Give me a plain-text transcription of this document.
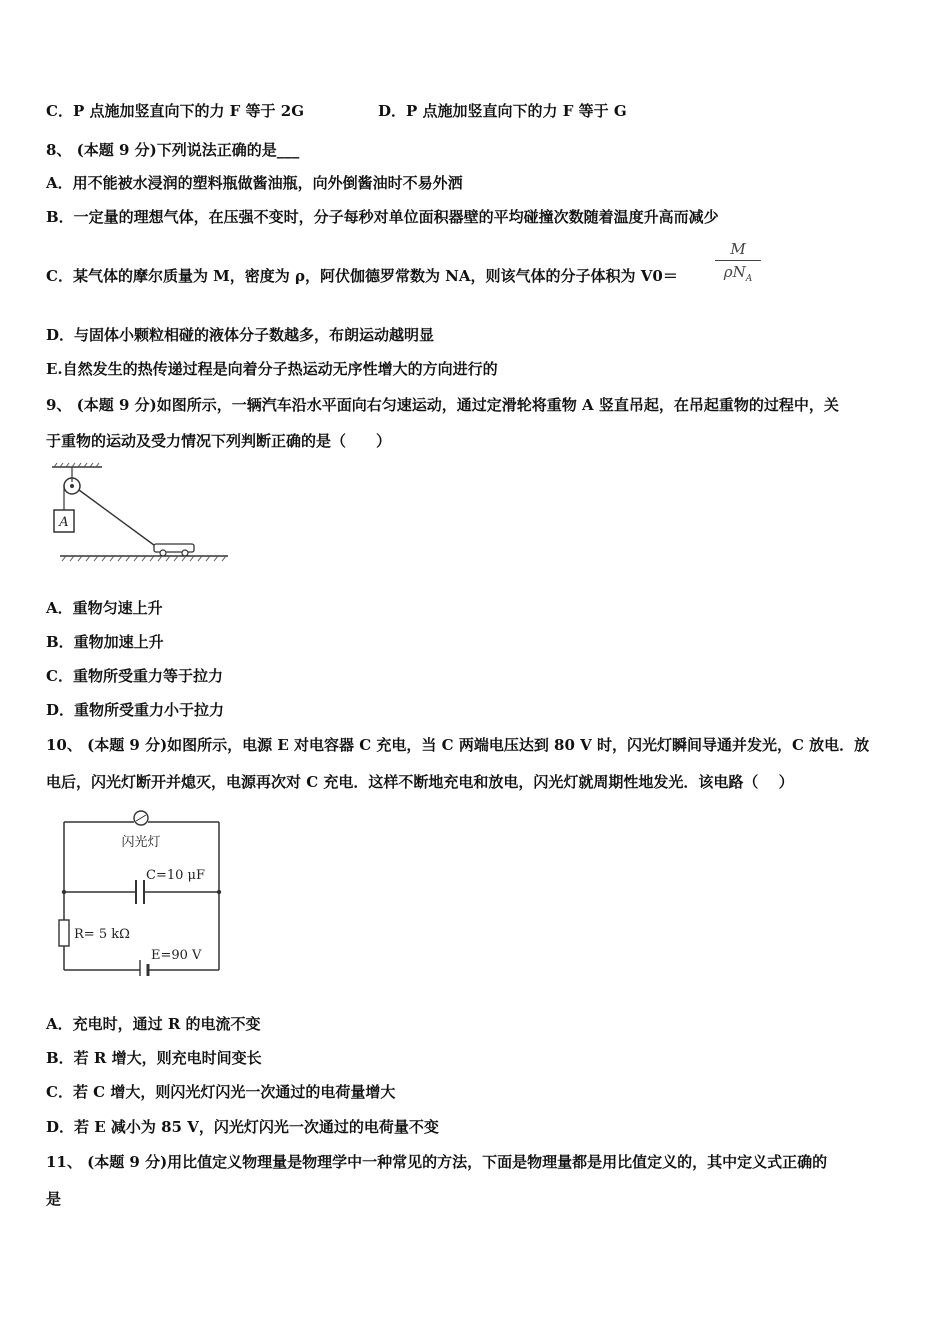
C．P 点施加竖直向下的力 F 等于 2G	D．P 点施加竖直向下的力 F 等于 G
8、 (本题 9 分)下列说法正确的是___
A．用不能被水浸润的塑料瓶做酱油瓶，向外倒酱油时不易外洒
B．一定量的理想气体，在压强不变时，分子每秒对单位面积器壁的平均碰撞次数随着温度升高而减少
C．某气体的摩尔质量为 M，密度为 ρ，阿伏伽德罗常数为 NA，则该气体的分子体积为 V0＝
M
$\rho N_A$
D．与固体小颗粒相碰的液体分子数越多，布朗运动越明显
E.自然发生的热传递过程是向着分子热运动无序性增大的方向进行的
9、 (本题 9 分)如图所示，一辆汽车沿水平面向右匀速运动，通过定滑轮将重物 A 竖直吊起，在吊起重物的过程中，关
于重物的运动及受力情况下列判断正确的是（　　）
A
A．重物匀速上升
B．重物加速上升
C．重物所受重力等于拉力
D．重物所受重力小于拉力
10、 (本题 9 分)如图所示，电源 E 对电容器 C 充电，当 C 两端电压达到 80 V 时，闪光灯瞬间导通并发光，C 放电．放
电后，闪光灯断开并熄灭，电源再次对 C 充电．这样不断地充电和放电，闪光灯就周期性地发光．该电路（　 ）
闪光灯
C=10 μF
R= 5 kΩ
E=90 V
A．充电时，通过 R 的电流不变
B．若 R 增大，则充电时间变长
C．若 C 增大，则闪光灯闪光一次通过的电荷量增大
D．若 E 减小为 85 V，闪光灯闪光一次通过的电荷量不变
11、 (本题 9 分)用比值定义物理量是物理学中一种常见的方法，下面是物理量都是用比值定义的，其中定义式正确的
是
